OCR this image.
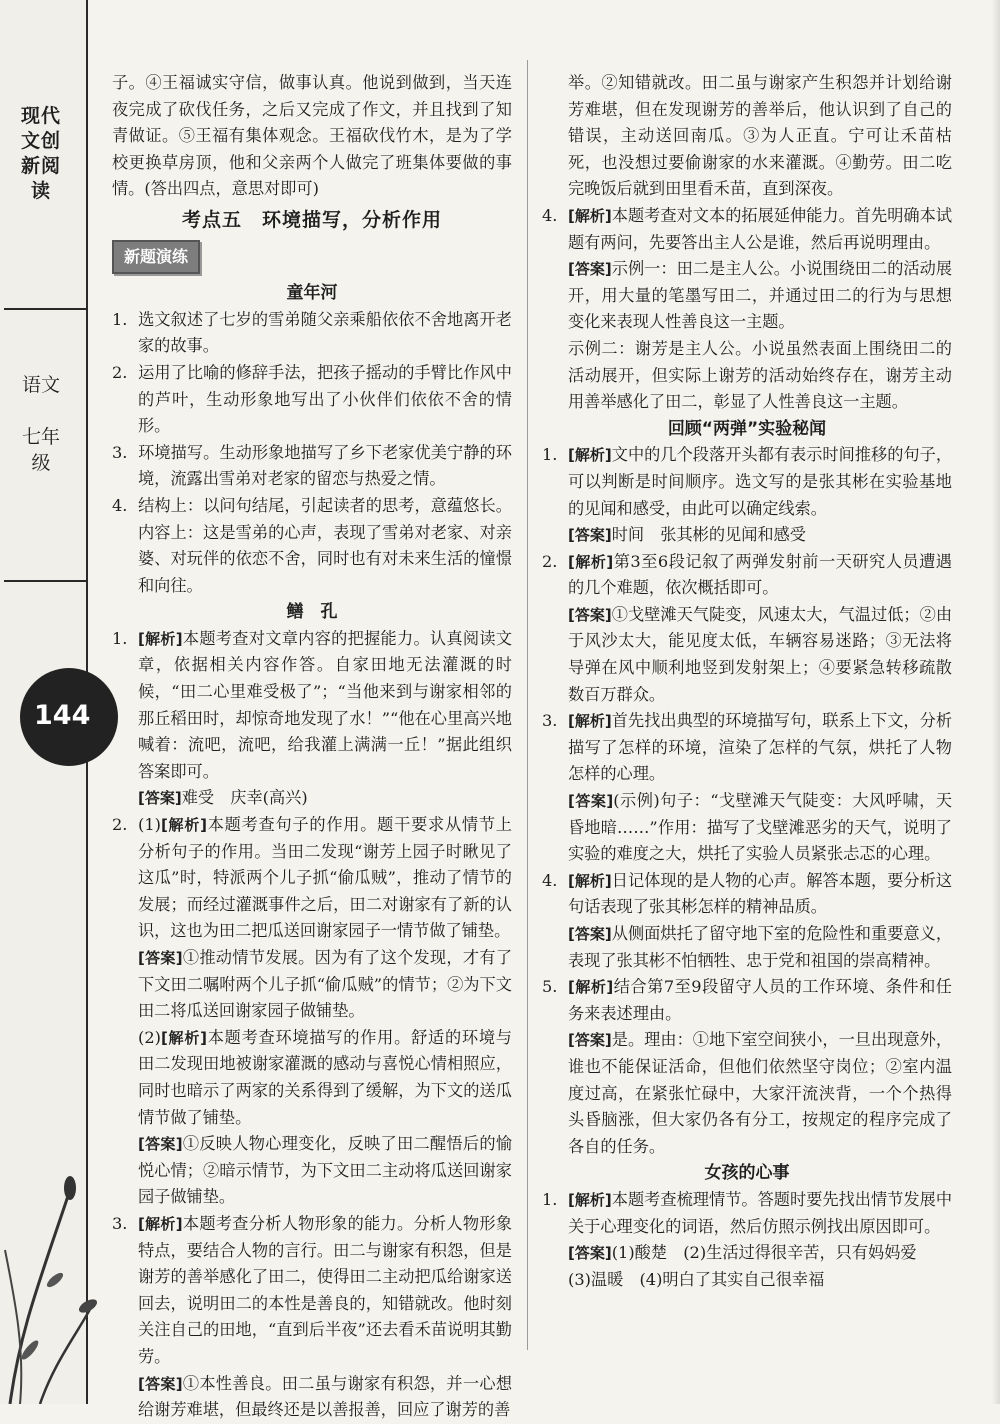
现代文创新阅读
语文
七年级
144

子。④王福诚实守信，做事认真。他说到做到，当天连夜完成了砍伐任务，之后又完成了作文，并且找到了知青做证。⑤王福有集体观念。王福砍伐竹木，是为了学校更换草房顶，他和父亲两个人做完了班集体要做的事情。(答出四点，意思对即可)

考点五　环境描写，分析作用
新题演练
童年河

1. 选文叙述了七岁的雪弟随父亲乘船依依不舍地离开老家的故事。

2. 运用了比喻的修辞手法，把孩子摇动的手臂比作风中的芦叶，生动形象地写出了小伙伴们依依不舍的情形。

3. 环境描写。生动形象地描写了乡下老家优美宁静的环境，流露出雪弟对老家的留恋与热爱之情。

4. 结构上：以问句结尾，引起读者的思考，意蕴悠长。内容上：这是雪弟的心声，表现了雪弟对老家、对亲婆、对玩伴的依恋不舍，同时也有对未来生活的憧憬和向往。

鳝　孔

1. [解析]本题考查对文章内容的把握能力。认真阅读文章，依据相关内容作答。自家田地无法灌溉的时候，“田二心里难受极了”；“当他来到与谢家相邻的那丘稻田时，却惊奇地发现了水！”“他在心里高兴地喊着：流吧，流吧，给我灌上满满一丘！”据此组织答案即可。

[答案]难受　庆幸(高兴)

2. (1)[解析]本题考查句子的作用。题干要求从情节上分析句子的作用。当田二发现“谢芳上园子时瞅见了这瓜”时，特派两个儿子抓“偷瓜贼”，推动了情节的发展；而经过灌溉事件之后，田二对谢家有了新的认识，这也为田二把瓜送回谢家园子一情节做了铺垫。

[答案]①推动情节发展。因为有了这个发现，才有了下文田二嘱咐两个儿子抓“偷瓜贼”的情节；②为下文田二将瓜送回谢家园子做铺垫。

(2)[解析]本题考查环境描写的作用。舒适的环境与田二发现田地被谢家灌溉的感动与喜悦心情相照应，同时也暗示了两家的关系得到了缓解，为下文的送瓜情节做了铺垫。

[答案]①反映人物心理变化，反映了田二醒悟后的愉悦心情；②暗示情节，为下文田二主动将瓜送回谢家园子做铺垫。

3. [解析]本题考查分析人物形象的能力。分析人物形象特点，要结合人物的言行。田二与谢家有积怨，但是谢芳的善举感化了田二，使得田二主动把瓜给谢家送回去，说明田二的本性是善良的，知错就改。他时刻关注自己的田地，“直到后半夜”还去看禾苗说明其勤劳。

[答案]①本性善良。田二虽与谢家有积怨，并一心想给谢芳难堪，但最终还是以善报善，回应了谢芳的善

举。②知错就改。田二虽与谢家产生积怨并计划给谢芳难堪，但在发现谢芳的善举后，他认识到了自己的错误，主动送回南瓜。③为人正直。宁可让禾苗枯死，也没想过要偷谢家的水来灌溉。④勤劳。田二吃完晚饭后就到田里看禾苗，直到深夜。

4. [解析]本题考查对文本的拓展延伸能力。首先明确本试题有两问，先要答出主人公是谁，然后再说明理由。

[答案]示例一：田二是主人公。小说围绕田二的活动展开，用大量的笔墨写田二，并通过田二的行为与思想变化来表现人性善良这一主题。

示例二：谢芳是主人公。小说虽然表面上围绕田二的活动展开，但实际上谢芳的活动始终存在，谢芳主动用善举感化了田二，彰显了人性善良这一主题。

回顾“两弹”实验秘闻

1. [解析]文中的几个段落开头都有表示时间推移的句子，可以判断是时间顺序。选文写的是张其彬在实验基地的见闻和感受，由此可以确定线索。

[答案]时间　张其彬的见闻和感受

2. [解析]第3至6段记叙了两弹发射前一天研究人员遭遇的几个难题，依次概括即可。

[答案]①戈壁滩天气陡变，风速太大，气温过低；②由于风沙太大，能见度太低，车辆容易迷路；③无法将导弹在风中顺利地竖到发射架上；④要紧急转移疏散数百万群众。

3. [解析]首先找出典型的环境描写句，联系上下文，分析描写了怎样的环境，渲染了怎样的气氛，烘托了人物怎样的心理。

[答案](示例)句子：“戈壁滩天气陡变：大风呼啸，天昏地暗……”作用：描写了戈壁滩恶劣的天气，说明了实验的难度之大，烘托了实验人员紧张忐忑的心理。

4. [解析]日记体现的是人物的心声。解答本题，要分析这句话表现了张其彬怎样的精神品质。

[答案]从侧面烘托了留守地下室的危险性和重要意义，表现了张其彬不怕牺牲、忠于党和祖国的崇高精神。

5. [解析]结合第7至9段留守人员的工作环境、条件和任务来表述理由。

[答案]是。理由：①地下室空间狭小，一旦出现意外，谁也不能保证活命，但他们依然坚守岗位；②室内温度过高，在紧张忙碌中，大家汗流浃背，一个个热得头昏脑涨，但大家仍各有分工，按规定的程序完成了各自的任务。

女孩的心事

1. [解析]本题考查梳理情节。答题时要先找出情节发展中关于心理变化的词语，然后仿照示例找出原因即可。

[答案](1)酸楚　(2)生活过得很辛苦，只有妈妈爱

(3)温暖　(4)明白了其实自己很幸福
